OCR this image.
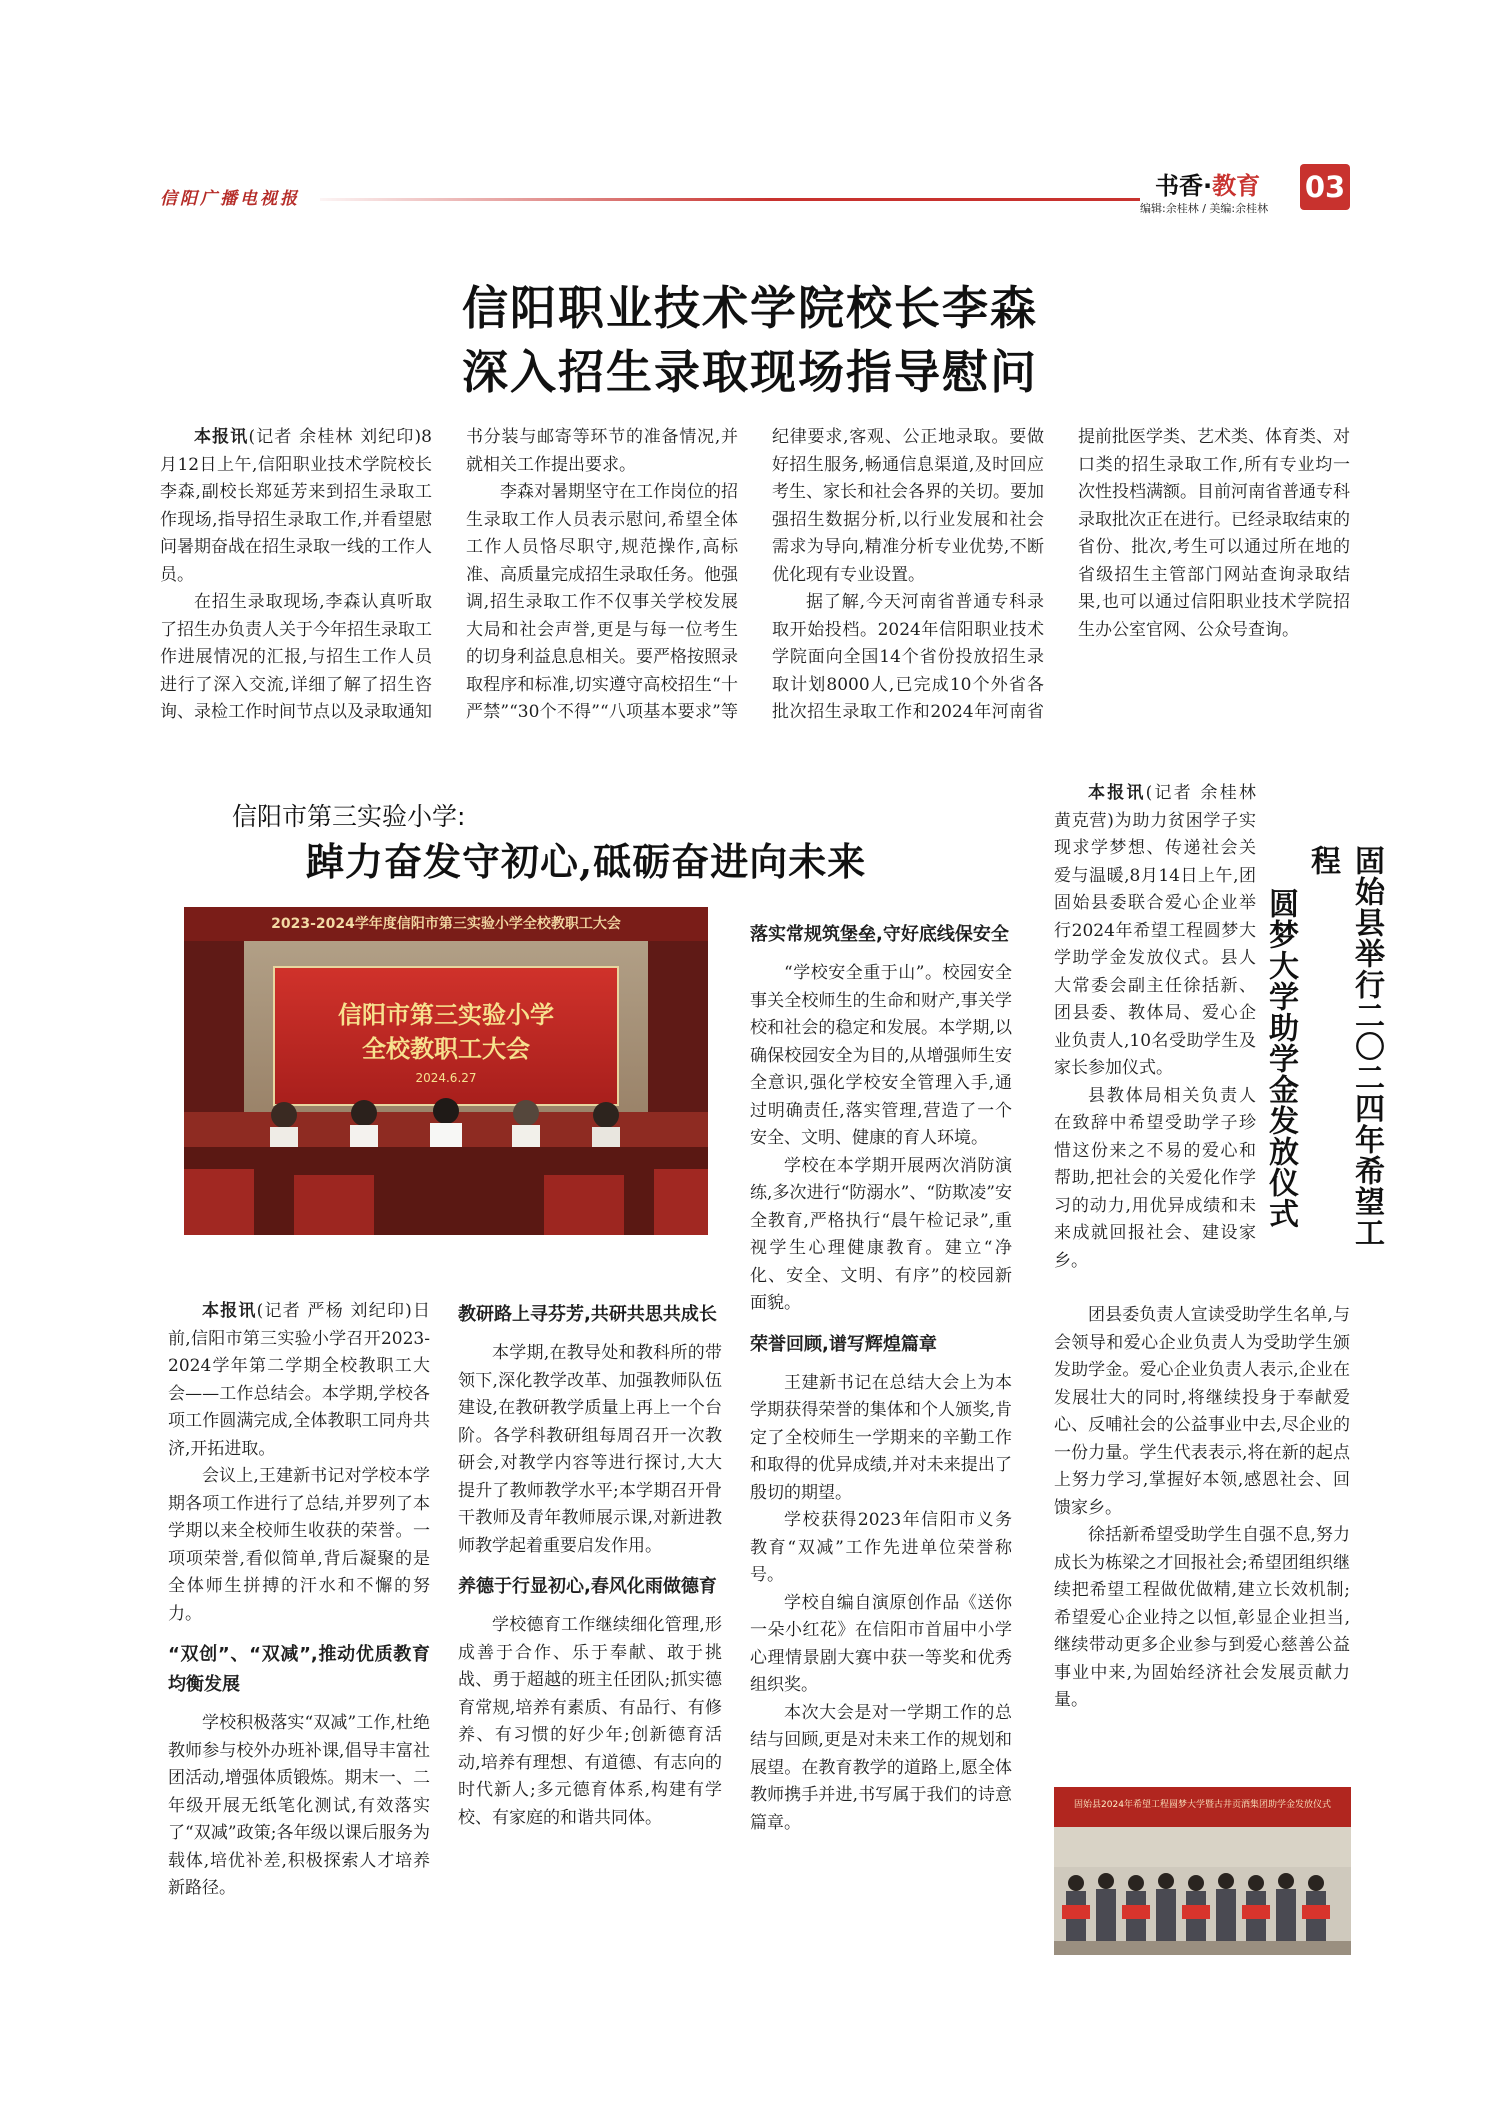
信阳广播电视报	书香·教育
编辑:余桂林 / 美编:余桂林
03
信阳职业技术学院校长李森
深入招生录取现场指导慰问

本报讯(记者 余桂林 刘纪印)8月12日上午,信阳职业技术学院校长李森,副校长郑延芳来到招生录取工作现场,指导招生录取工作,并看望慰问暑期奋战在招生录取一线的工作人员。

在招生录取现场,李森认真听取了招生办负责人关于今年招生录取工作进展情况的汇报,与招生工作人员进行了深入交流,详细了解了招生咨询、录检工作时间节点以及录取通知书分装与邮寄等环节的准备情况,并就相关工作提出要求。

李森对暑期坚守在工作岗位的招生录取工作人员表示慰问,希望全体工作人员恪尽职守,规范操作,高标准、高质量完成招生录取任务。他强调,招生录取工作不仅事关学校发展大局和社会声誉,更是与每一位考生的切身利益息息相关。要严格按照录取程序和标准,切实遵守高校招生“十严禁”“30个不得”“八项基本要求”等纪律要求,客观、公正地录取。要做好招生服务,畅通信息渠道,及时回应考生、家长和社会各界的关切。要加强招生数据分析,以行业发展和社会需求为导向,精准分析专业优势,不断优化现有专业设置。

据了解,今天河南省普通专科录取开始投档。2024年信阳职业技术学院面向全国14个省份投放招生录取计划8000人,已完成10个外省各批次招生录取工作和2024年河南省提前批医学类、艺术类、体育类、对口类的招生录取工作,所有专业均一次性投档满额。目前河南省普通专科录取批次正在进行。已经录取结束的省份、批次,考生可以通过所在地的省级招生主管部门网站查询录取结果,也可以通过信阳职业技术学院招生办公室官网、公众号查询。

信阳市第三实验小学:
踔力奋发守初心,砥砺奋进向未来
2023-2024学年度信阳市第三实验小学全校教职工大会
信阳市第三实验小学
全校教职工大会
2024.6.27

本报讯(记者 严杨 刘纪印)日前,信阳市第三实验小学召开2023-2024学年第二学期全校教职工大会——工作总结会。本学期,学校各项工作圆满完成,全体教职工同舟共济,开拓进取。

会议上,王建新书记对学校本学期各项工作进行了总结,并罗列了本学期以来全校师生收获的荣誉。一项项荣誉,看似简单,背后凝聚的是全体师生拼搏的汗水和不懈的努力。

“双创”、“双减”,推动优质教育均衡发展

学校积极落实“双减”工作,杜绝教师参与校外办班补课,倡导丰富社团活动,增强体质锻炼。期末一、二年级开展无纸笔化测试,有效落实了“双减”政策;各年级以课后服务为载体,培优补差,积极探索人才培养新路径。

教研路上寻芬芳,共研共思共成长

本学期,在教导处和教科所的带领下,深化教学改革、加强教师队伍建设,在教研教学质量上再上一个台阶。各学科教研组每周召开一次教研会,对教学内容等进行探讨,大大提升了教师教学水平;本学期召开骨干教师及青年教师展示课,对新进教师教学起着重要启发作用。

养德于行显初心,春风化雨做德育

学校德育工作继续细化管理,形成善于合作、乐于奉献、敢于挑战、勇于超越的班主任团队;抓实德育常规,培养有素质、有品行、有修养、有习惯的好少年;创新德育活动,培养有理想、有道德、有志向的时代新人;多元德育体系,构建有学校、有家庭的和谐共同体。

落实常规筑堡垒,守好底线保安全

“学校安全重于山”。校园安全事关全校师生的生命和财产,事关学校和社会的稳定和发展。本学期,以确保校园安全为目的,从增强师生安全意识,强化学校安全管理入手,通过明确责任,落实管理,营造了一个安全、文明、健康的育人环境。

学校在本学期开展两次消防演练,多次进行“防溺水”、“防欺凌”安全教育,严格执行“晨午检记录”,重视学生心理健康教育。建立“净化、安全、文明、有序”的校园新面貌。

荣誉回顾,谱写辉煌篇章

王建新书记在总结大会上为本学期获得荣誉的集体和个人颁奖,肯定了全校师生一学期来的辛勤工作和取得的优异成绩,并对未来提出了殷切的期望。

学校获得2023年信阳市义务教育“双减”工作先进单位荣誉称号。

学校自编自演原创作品《送你一朵小红花》在信阳市首届中小学心理情景剧大赛中获一等奖和优秀组织奖。

本次大会是对一学期工作的总结与回顾,更是对未来工作的规划和展望。在教育教学的道路上,愿全体教师携手并进,书写属于我们的诗意篇章。

固始县举行二〇二四年希望工程
圆梦大学助学金发放仪式

本报讯(记者 余桂林 黄克营)为助力贫困学子实现求学梦想、传递社会关爱与温暖,8月14日上午,团固始县委联合爱心企业举行2024年希望工程圆梦大学助学金发放仪式。县人大常委会副主任徐括新、团县委、教体局、爱心企业负责人,10名受助学生及家长参加仪式。

县教体局相关负责人在致辞中希望受助学子珍惜这份来之不易的爱心和帮助,把社会的关爱化作学习的动力,用优异成绩和未来成就回报社会、建设家乡。

团县委负责人宣读受助学生名单,与会领导和爱心企业负责人为受助学生颁发助学金。爱心企业负责人表示,企业在发展壮大的同时,将继续投身于奉献爱心、反哺社会的公益事业中去,尽企业的一份力量。学生代表表示,将在新的起点上努力学习,掌握好本领,感恩社会、回馈家乡。

徐括新希望受助学生自强不息,努力成长为栋梁之才回报社会;希望团组织继续把希望工程做优做精,建立长效机制;希望爱心企业持之以恒,彰显企业担当,继续带动更多企业参与到爱心慈善公益事业中来,为固始经济社会发展贡献力量。

固始县2024年希望工程圆梦大学暨古井贡酒集团助学金发放仪式
